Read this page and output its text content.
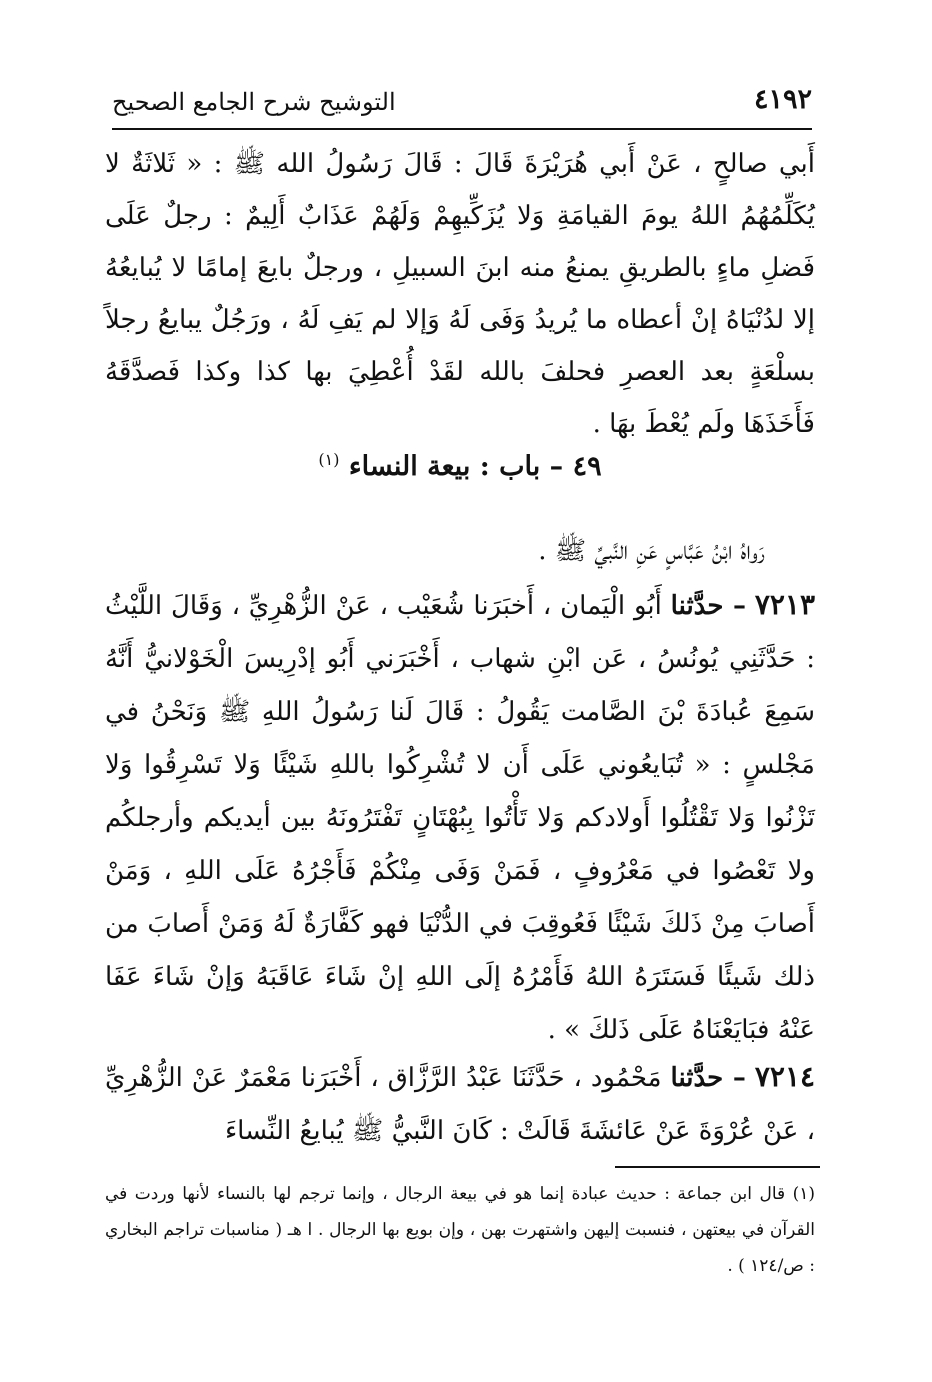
٤١٩٢
التوشيح شرح الجامع الصحيح

أَبي صالحٍ ، عَنْ أَبي هُرَيْرَةَ قَالَ : قَالَ رَسُولُ الله ﷺ : « ثَلاثَةٌ لا يُكَلِّمُهُمُ اللهُ يومَ القيامَةِ وَلا يُزَكِّيهِمْ وَلَهُمْ عَذَابٌ أَلِيمٌ : رجلٌ عَلَى فَضلِ ماءٍ بالطريقِ يمنعُ منه ابنَ السبيلِ ، ورجلٌ بايعَ إمامًا لا يُبايعُهُ إلا لدُنْيَاهُ إنْ أعطاه ما يُريدُ وَفَى لَهُ وَإلا لم يَفِ لَهُ ، ورَجُلٌ يبايعُ رجلاً بسلْعَةٍ بعد العصرِ فحلفَ بالله لقَدْ أُعْطِيَ بها كذا وكذا فَصدَّقَهُ فَأَخَذَهَا ولَم يُعْطَ بهَا .

٤٩ – باب : بيعة النساء $^{(١)}$
رَواهُ ابْنُ عَبَّاسٍ عَنِ النَّبيِّ ﷺ .
٧٢١٣ – حدَّثنا أَبُو الْيَمان ، أَخبَرَنا شُعَيْب ، عَنْ الزُّهْرِيِّ ، وَقَالَ اللَّيْثُ : حَدَّثَنِي يُونُسُ ، عَن ابْنِ شهاب ، أَخْبَرَني أَبُو إدْرِيسَ الْخَوْلانيُّ أَنَّهُ سَمِعَ عُبادَةَ بْنَ الصَّامت يَقُولُ : قَالَ لَنا رَسُولُ اللهِ ﷺ وَنَحْنُ في مَجْلسٍ : « تُبَايعُوني عَلَى أَن لا تُشْرِكُوا باللهِ شَيْئًا وَلا تَسْرِقُوا وَلا تَزْنُوا وَلا تَقْتُلُوا أَولادكم وَلا تَأْتُوا بِبُهْتَانٍ تَفْتَرُونَهُ بين أيديكم وأرجلكُم ولا تَعْصُوا في مَعْرُوفٍ ، فَمَنْ وَفَى مِنْكُمْ فَأَجْرُهُ عَلَى اللهِ ، وَمَنْ أَصابَ مِنْ ذَلكَ شَيْئًا فَعُوقِبَ في الدُّنْيَا فهو كَفَّارَةٌ لَهُ وَمَنْ أَصابَ من ذلك شَيئًا فَسَتَرَهُ اللهُ فَأَمْرُهُ إلَى اللهِ إنْ شَاءَ عَاقَبَهُ وَإنْ شَاءَ عَفَا عَنْهُ فبَايَعْنَاهُ عَلَى ذَلكَ » .
٧٢١٤ – حدَّثنا مَحْمُود ، حَدَّثَنَا عَبْدُ الرَّزَّاق ، أَخْبَرَنا مَعْمَرٌ عَنْ الزُّهْرِيِّ ، عَنْ عُرْوَةَ عَنْ عَائشَةَ قَالَتْ : كَانَ النَّبيُّ ﷺ يُبايعُ النِّساءَ
(١) قال ابن جماعة : حديث عبادة إنما هو في بيعة الرجال ، وإنما ترجم لها بالنساء لأنها وردت في القرآن في بيعتهن ، فنسبت إليهن واشتهرت بهن ، وإن بويع بها الرجال . ا هـ ( مناسبات تراجم البخاري : ص/١٢٤ ) .
